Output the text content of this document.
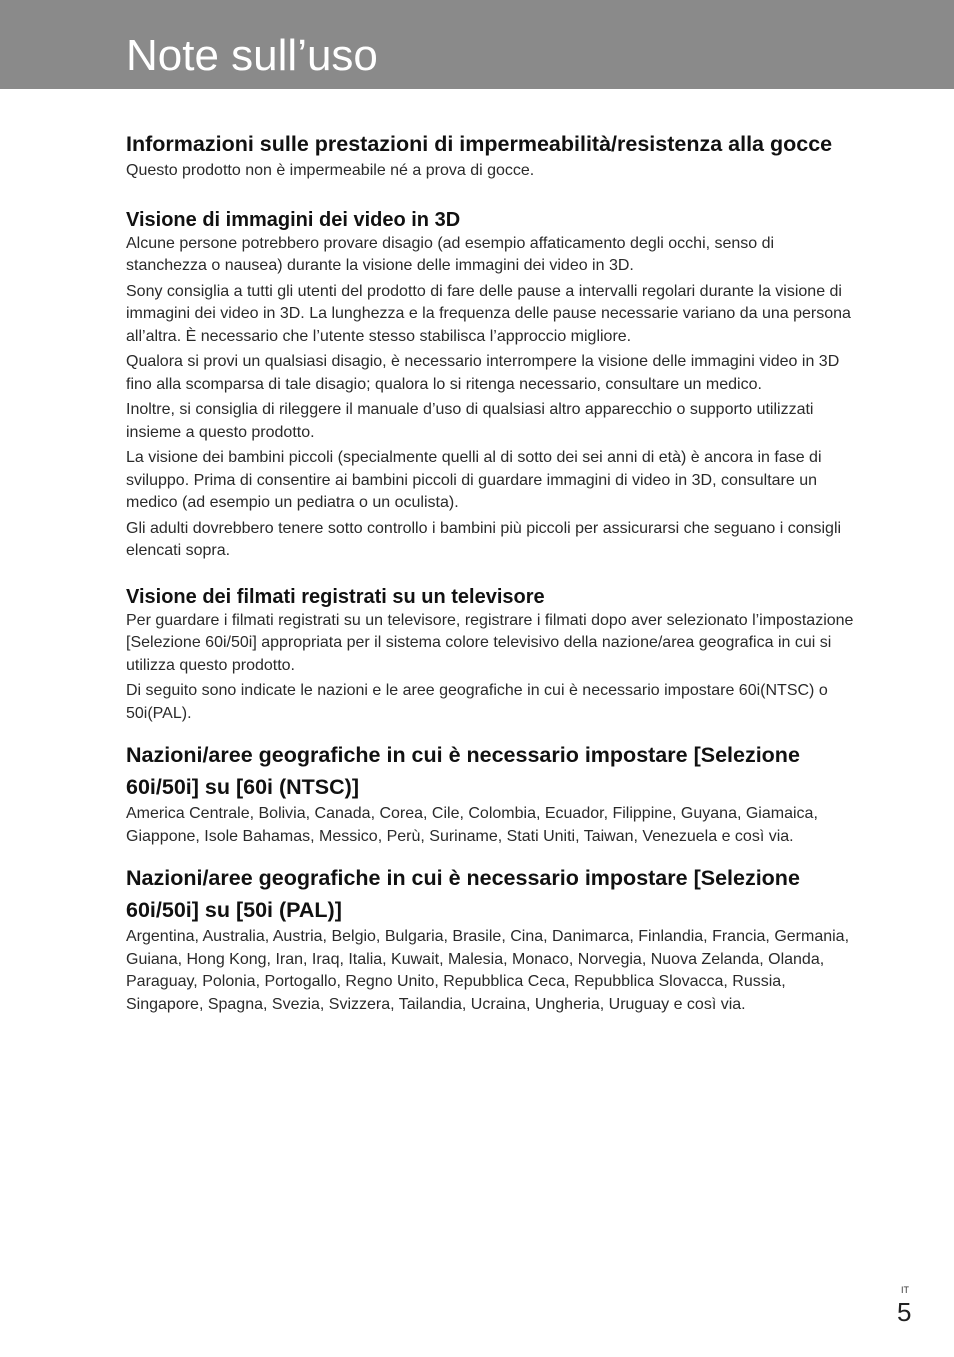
Note sull’uso
Informazioni sulle prestazioni di impermeabilità/resistenza alla gocce

Questo prodotto non è impermeabile né a prova di gocce.

Visione di immagini dei video in 3D

Alcune persone potrebbero provare disagio (ad esempio affaticamento degli occhi, senso di stanchezza o nausea) durante la visione delle immagini dei video in 3D.

Sony consiglia a tutti gli utenti del prodotto di fare delle pause a intervalli regolari durante la visione di immagini dei video in 3D. La lunghezza e la frequenza delle pause necessarie variano da una persona all’altra. È necessario che l’utente stesso stabilisca l’approccio migliore.

Qualora si provi un qualsiasi disagio, è necessario interrompere la visione delle immagini video in 3D fino alla scomparsa di tale disagio; qualora lo si ritenga necessario, consultare un medico.

Inoltre, si consiglia di rileggere il manuale d’uso di qualsiasi altro apparecchio o supporto utilizzati insieme a questo prodotto.

La visione dei bambini piccoli (specialmente quelli al di sotto dei sei anni di età) è ancora in fase di sviluppo. Prima di consentire ai bambini piccoli di guardare immagini di video in 3D, consultare un medico (ad esempio un pediatra o un oculista).

Gli adulti dovrebbero tenere sotto controllo i bambini più piccoli per assicurarsi che seguano i consigli elencati sopra.

Visione dei filmati registrati su un televisore

Per guardare i filmati registrati su un televisore, registrare i filmati dopo aver selezionato l’impostazione [Selezione 60i/50i] appropriata per il sistema colore televisivo della nazione/area geografica in cui si utilizza questo prodotto.

Di seguito sono indicate le nazioni e le aree geografiche in cui è necessario impostare 60i(NTSC) o 50i(PAL).

Nazioni/aree geografiche in cui è necessario impostare [Selezione 60i/50i] su [60i (NTSC)]

America Centrale, Bolivia, Canada, Corea, Cile, Colombia, Ecuador, Filippine, Guyana, Giamaica, Giappone, Isole Bahamas, Messico, Perù, Suriname, Stati Uniti, Taiwan, Venezuela e così via.

Nazioni/aree geografiche in cui è necessario impostare [Selezione 60i/50i] su [50i (PAL)]

Argentina, Australia, Austria, Belgio, Bulgaria, Brasile, Cina, Danimarca, Finlandia, Francia, Germania, Guiana, Hong Kong, Iran, Iraq, Italia, Kuwait, Malesia, Monaco, Norvegia, Nuova Zelanda, Olanda, Paraguay, Polonia, Portogallo, Regno Unito, Repubblica Ceca, Repubblica Slovacca, Russia, Singapore, Spagna, Svezia, Svizzera, Tailandia, Ucraina, Ungheria, Uruguay e così via.

IT
5
